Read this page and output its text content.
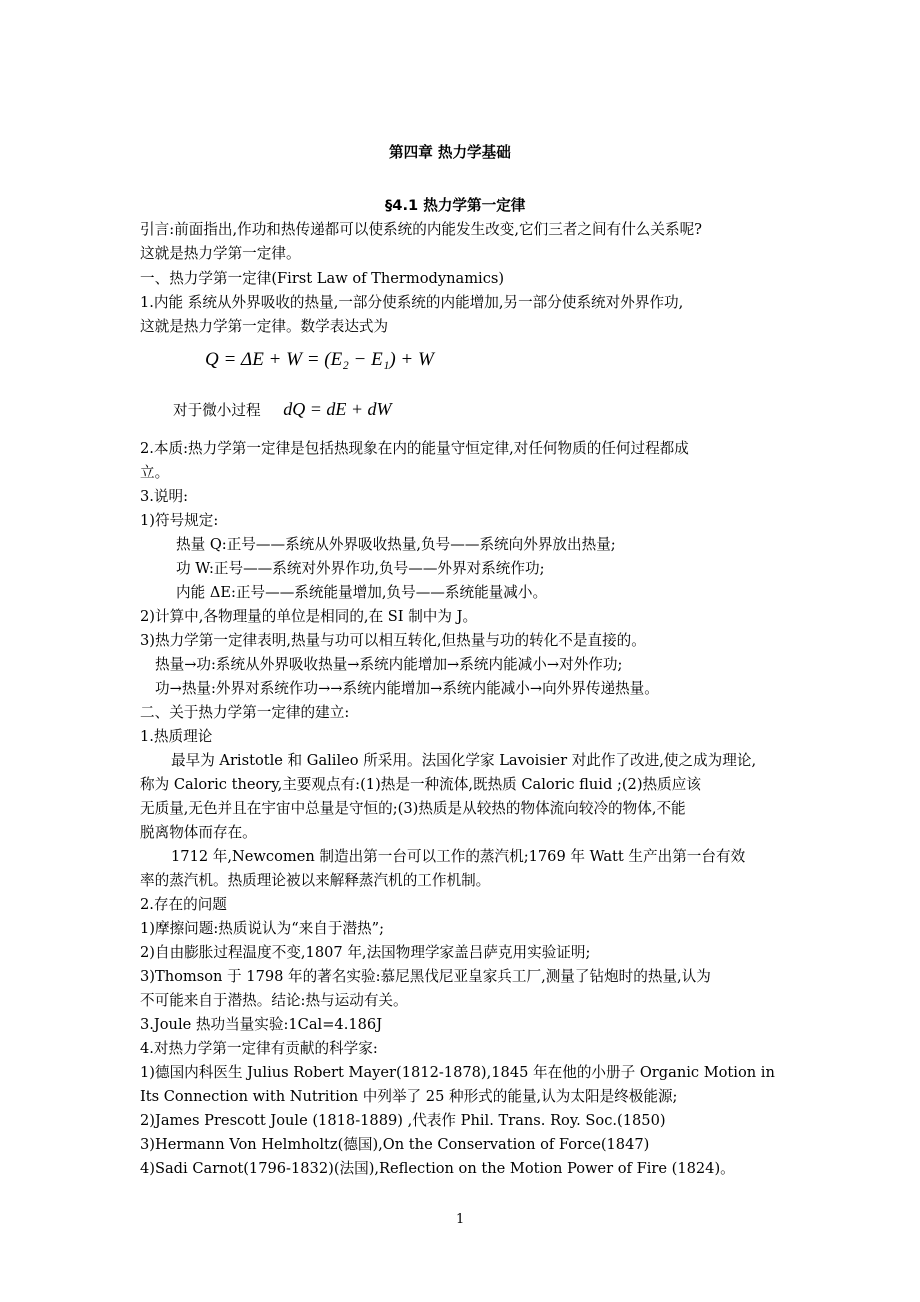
第四章 热力学基础
§4.1 热力学第一定律
引言:前面指出,作功和热传递都可以使系统的内能发生改变,它们三者之间有什么关系呢?
这就是热力学第一定律。
一、热力学第一定律(First Law of Thermodynamics)
1.内能 系统从外界吸收的热量,一部分使系统的内能增加,另一部分使系统对外界作功,
这就是热力学第一定律。数学表达式为
Q = ΔE + W = (E₂ − E₁) + W
对于微小过程 dQ = dE + dW
2.本质:热力学第一定律是包括热现象在内的能量守恒定律,对任何物质的任何过程都成
立。
3.说明:
1)符号规定:
热量 Q:正号——系统从外界吸收热量,负号——系统向外界放出热量;
功 W:正号——系统对外界作功,负号——外界对系统作功;
内能 ΔE:正号——系统能量增加,负号——系统能量减小。
2)计算中,各物理量的单位是相同的,在 SI 制中为 J。
3)热力学第一定律表明,热量与功可以相互转化,但热量与功的转化不是直接的。
热量→功:系统从外界吸收热量→系统内能增加→系统内能减小→对外作功;
功→热量:外界对系统作功→→系统内能增加→系统内能减小→向外界传递热量。
二、关于热力学第一定律的建立:
1.热质理论
最早为 Aristotle 和 Galileo 所采用。法国化学家 Lavoisier 对此作了改进,使之成为理论,
称为 Caloric theory,主要观点有:(1)热是一种流体,既热质 Caloric fluid ;(2)热质应该
无质量,无色并且在宇宙中总量是守恒的;(3)热质是从较热的物体流向较冷的物体,不能
脱离物体而存在。
1712 年,Newcomen 制造出第一台可以工作的蒸汽机;1769 年 Watt 生产出第一台有效
率的蒸汽机。热质理论被以来解释蒸汽机的工作机制。
2.存在的问题
1)摩擦问题:热质说认为“来自于潜热”;
2)自由膨胀过程温度不变,1807 年,法国物理学家盖吕萨克用实验证明;
3)Thomson 于 1798 年的著名实验:慕尼黑伐尼亚皇家兵工厂,测量了钻炮时的热量,认为
不可能来自于潜热。结论:热与运动有关。
3.Joule 热功当量实验:1Cal=4.186J
4.对热力学第一定律有贡献的科学家:
1)德国内科医生 Julius Robert Mayer(1812-1878),1845 年在他的小册子 Organic Motion in
Its Connection with Nutrition 中列举了 25 种形式的能量,认为太阳是终极能源;
2)James Prescott Joule (1818-1889) ,代表作 Phil. Trans. Roy. Soc.(1850)
3)Hermann Von Helmholtz(德国),On the Conservation of Force(1847)
4)Sadi Carnot(1796-1832)(法国),Reflection on the Motion Power of Fire (1824)。
1
